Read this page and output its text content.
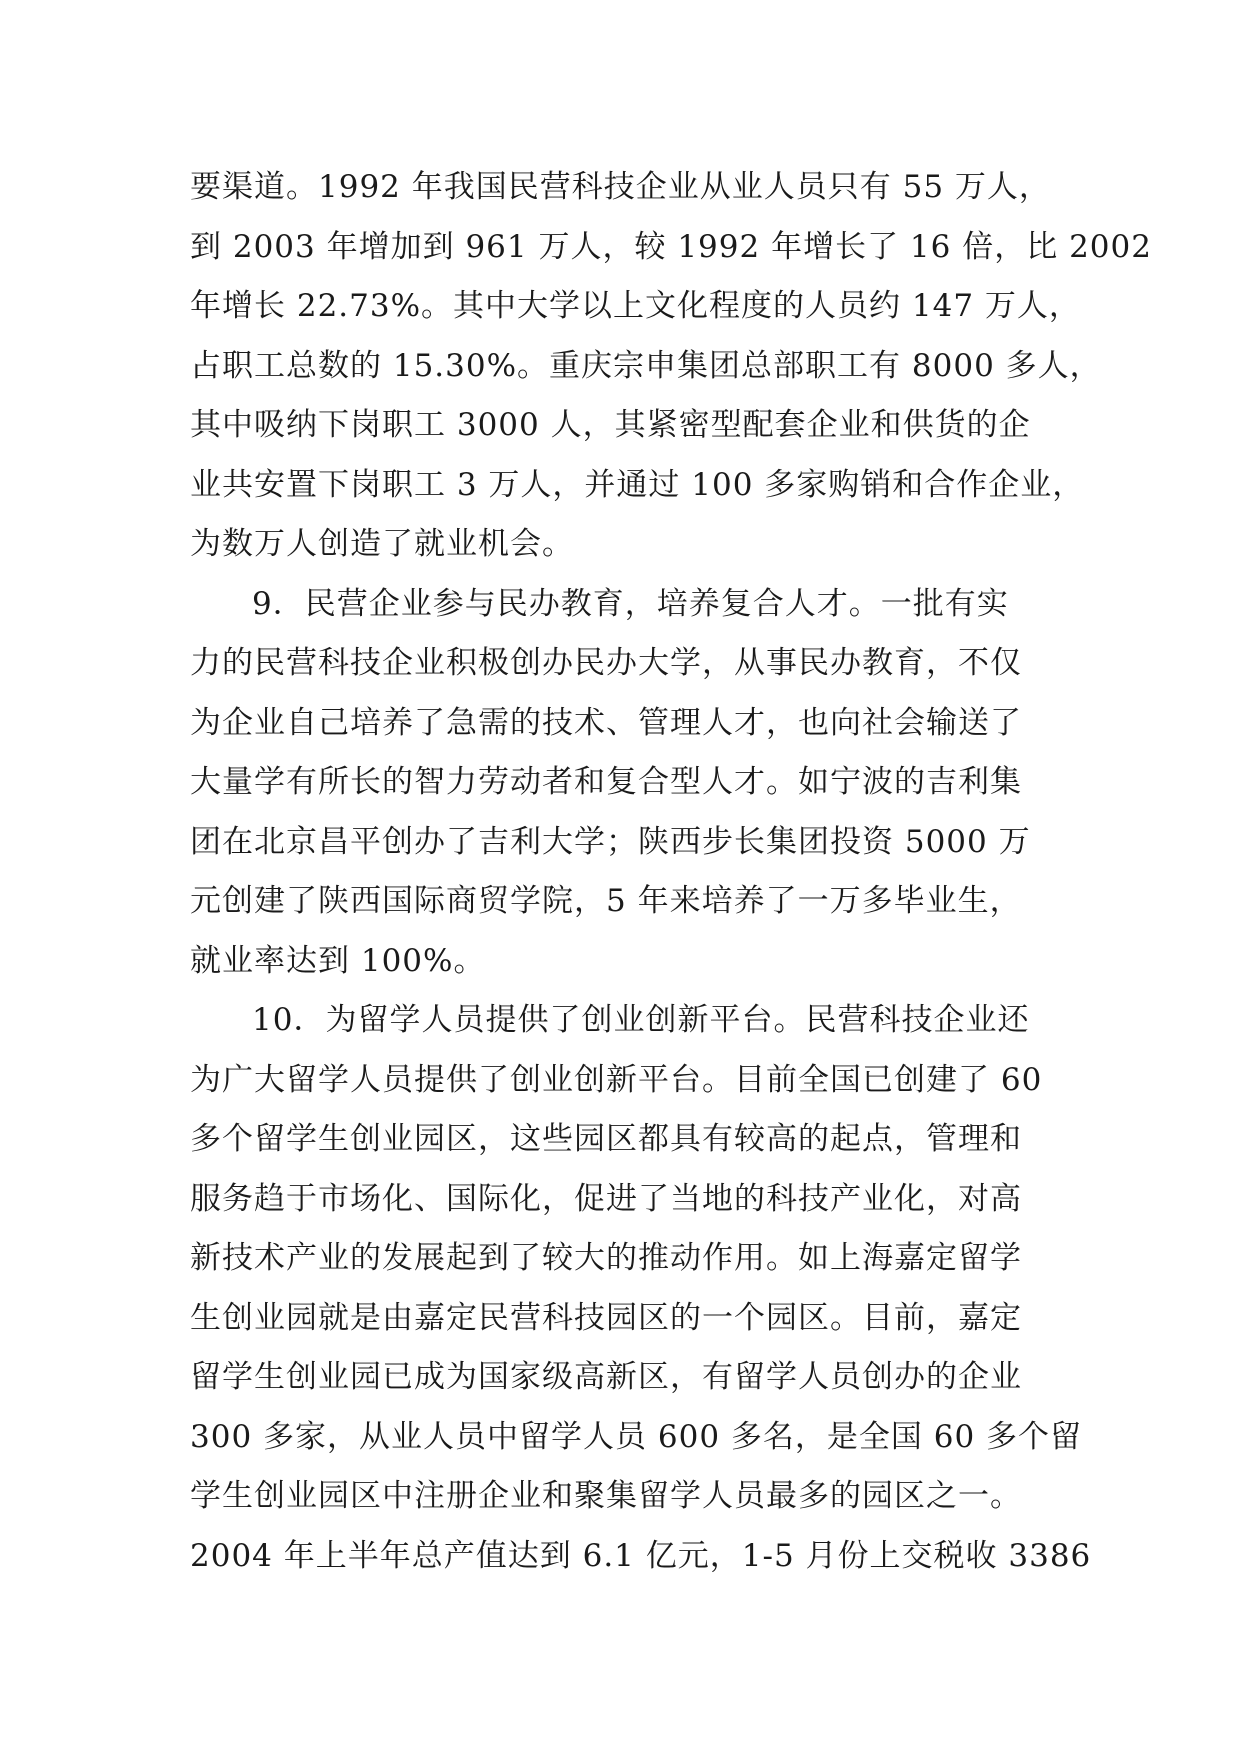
要渠道。1992 年我国民营科技企业从业人员只有 55 万人，
到 2003 年增加到 961 万人，较 1992 年增长了 16 倍，比 2002
年增长 22.73%。其中大学以上文化程度的人员约 147 万人，
占职工总数的 15.30%。重庆宗申集团总部职工有 8000 多人，
其中吸纳下岗职工 3000 人，其紧密型配套企业和供货的企
业共安置下岗职工 3 万人，并通过 100 多家购销和合作企业，
为数万人创造了就业机会。
9．民营企业参与民办教育，培养复合人才。一批有实
力的民营科技企业积极创办民办大学，从事民办教育，不仅
为企业自己培养了急需的技术、管理人才，也向社会输送了
大量学有所长的智力劳动者和复合型人才。如宁波的吉利集
团在北京昌平创办了吉利大学；陕西步长集团投资 5000 万
元创建了陕西国际商贸学院，5 年来培养了一万多毕业生，
就业率达到 100%。
10．为留学人员提供了创业创新平台。民营科技企业还
为广大留学人员提供了创业创新平台。目前全国已创建了 60
多个留学生创业园区，这些园区都具有较高的起点，管理和
服务趋于市场化、国际化，促进了当地的科技产业化，对高
新技术产业的发展起到了较大的推动作用。如上海嘉定留学
生创业园就是由嘉定民营科技园区的一个园区。目前，嘉定
留学生创业园已成为国家级高新区，有留学人员创办的企业
300 多家，从业人员中留学人员 600 多名，是全国 60 多个留
学生创业园区中注册企业和聚集留学人员最多的园区之一。
2004 年上半年总产值达到 6.1 亿元，1-5 月份上交税收 3386
